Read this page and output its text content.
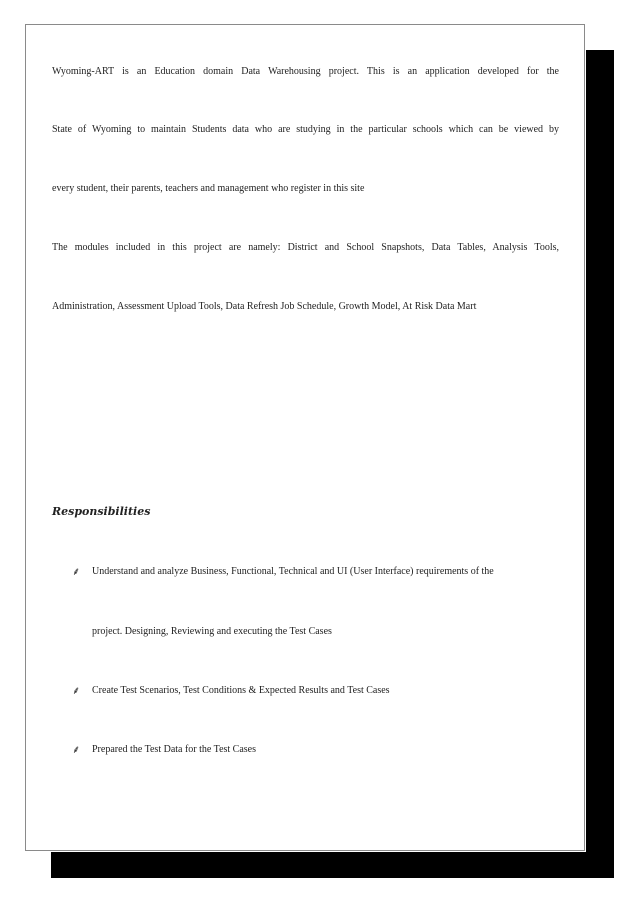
Wyoming-ART is an Education domain Data Warehousing project. This is an application developed for the
State of Wyoming to maintain Students data who are studying in the particular schools which can be viewed by
every student, their parents, teachers and management who register in this site
The modules included in this project are namely: District and School Snapshots, Data Tables, Analysis Tools,
Administration, Assessment Upload Tools, Data Refresh Job Schedule, Growth Model, At Risk Data Mart
Responsibilities
⸙ Understand and analyze Business, Functional, Technical and UI (User Interface) requirements of the
project. Designing, Reviewing and executing the Test Cases
⸙ Create Test Scenarios, Test Conditions & Expected Results and Test Cases
⸙ Prepared the Test Data for the Test Cases
